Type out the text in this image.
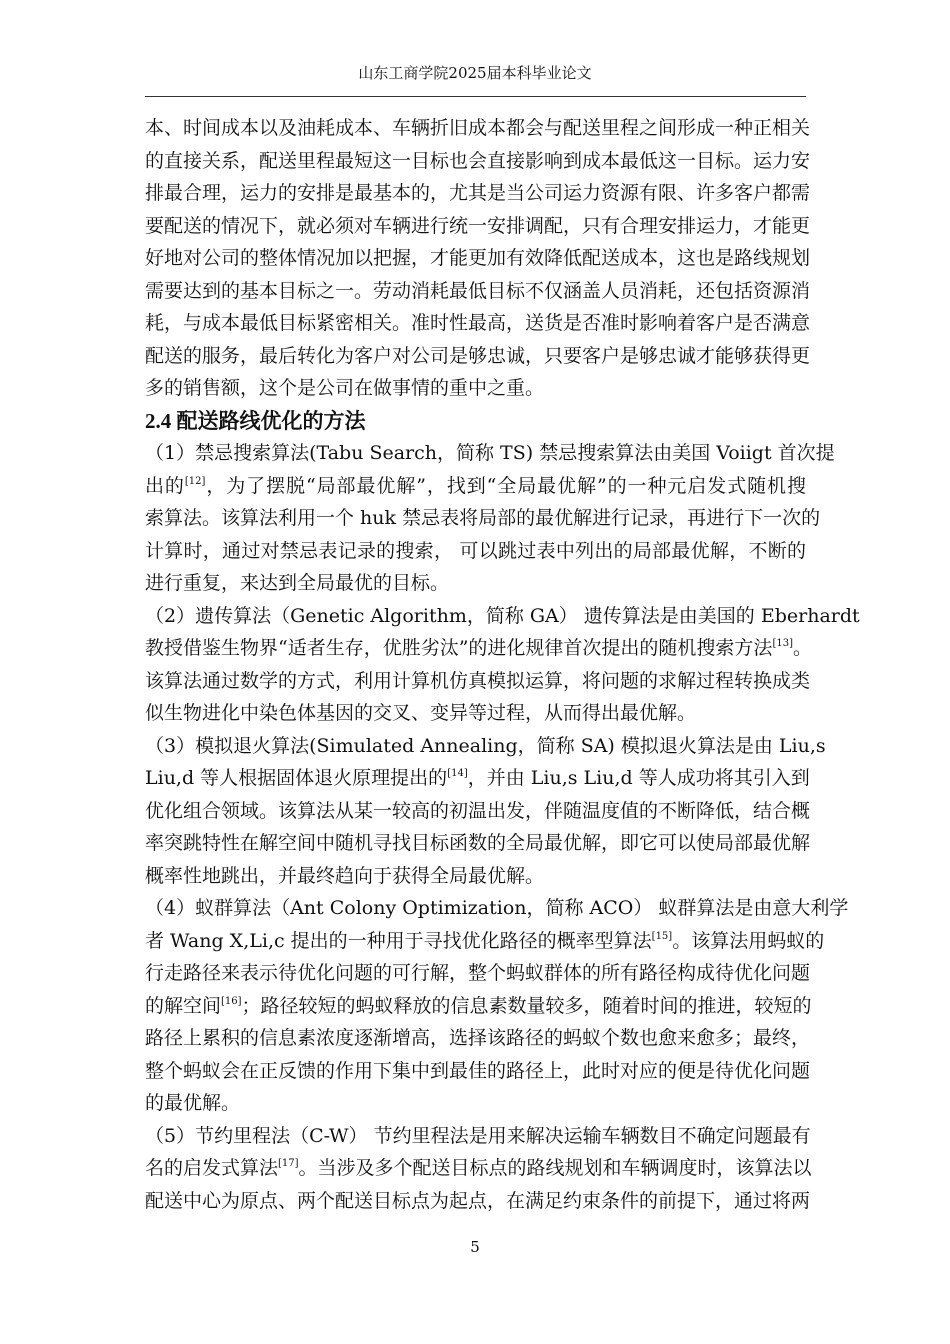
山东工商学院2025届本科毕业论文
本、时间成本以及油耗成本、车辆折旧成本都会与配送里程之间形成一种正相关
的直接关系，配送里程最短这一目标也会直接影响到成本最低这一目标。运力安
排最合理，运力的安排是最基本的，尤其是当公司运力资源有限、许多客户都需
要配送的情况下，就必须对车辆进行统一安排调配，只有合理安排运力，才能更
好地对公司的整体情况加以把握，才能更加有效降低配送成本，这也是路线规划
需要达到的基本目标之一。劳动消耗最低目标不仅涵盖人员消耗，还包括资源消
耗，与成本最低目标紧密相关。准时性最高，送货是否准时影响着客户是否满意
配送的服务，最后转化为客户对公司是够忠诚，只要客户是够忠诚才能够获得更
多的销售额，这个是公司在做事情的重中之重。
2.4 配送路线优化的方法
（1）禁忌搜索算法(Tabu Search，简称 TS) 禁忌搜索算法由美国 Voiigt 首次提
出的[12]，为了摆脱“局部最优解”，找到“全局最优解”的一种元启发式随机搜
索算法。该算法利用一个 huk 禁忌表将局部的最优解进行记录，再进行下一次的
计算时，通过对禁忌表记录的搜索， 可以跳过表中列出的局部最优解，不断的
进行重复，来达到全局最优的目标。
（2）遗传算法（Genetic Algorithm，简称 GA） 遗传算法是由美国的 Eberhardt
教授借鉴生物界“适者生存，优胜劣汰”的进化规律首次提出的随机搜索方法[13]。
该算法通过数学的方式，利用计算机仿真模拟运算，将问题的求解过程转换成类
似生物进化中染色体基因的交叉、变异等过程，从而得出最优解。
（3）模拟退火算法(Simulated Annealing，简称 SA) 模拟退火算法是由 Liu,s
Liu,d 等人根据固体退火原理提出的[14]，并由 Liu,s Liu,d 等人成功将其引入到
优化组合领域。该算法从某一较高的初温出发，伴随温度值的不断降低，结合概
率突跳特性在解空间中随机寻找目标函数的全局最优解，即它可以使局部最优解
概率性地跳出，并最终趋向于获得全局最优解。
（4）蚁群算法（Ant Colony Optimization，简称 ACO） 蚁群算法是由意大利学
者 Wang X,Li,c 提出的一种用于寻找优化路径的概率型算法[15]。该算法用蚂蚁的
行走路径来表示待优化问题的可行解，整个蚂蚁群体的所有路径构成待优化问题
的解空间[16]；路径较短的蚂蚁释放的信息素数量较多，随着时间的推进，较短的
路径上累积的信息素浓度逐渐增高，选择该路径的蚂蚁个数也愈来愈多；最终，
整个蚂蚁会在正反馈的作用下集中到最佳的路径上，此时对应的便是待优化问题
的最优解。
（5）节约里程法（C-W） 节约里程法是用来解决运输车辆数目不确定问题最有
名的启发式算法[17]。当涉及多个配送目标点的路线规划和车辆调度时，该算法以
配送中心为原点、两个配送目标点为起点，在满足约束条件的前提下，通过将两
5
